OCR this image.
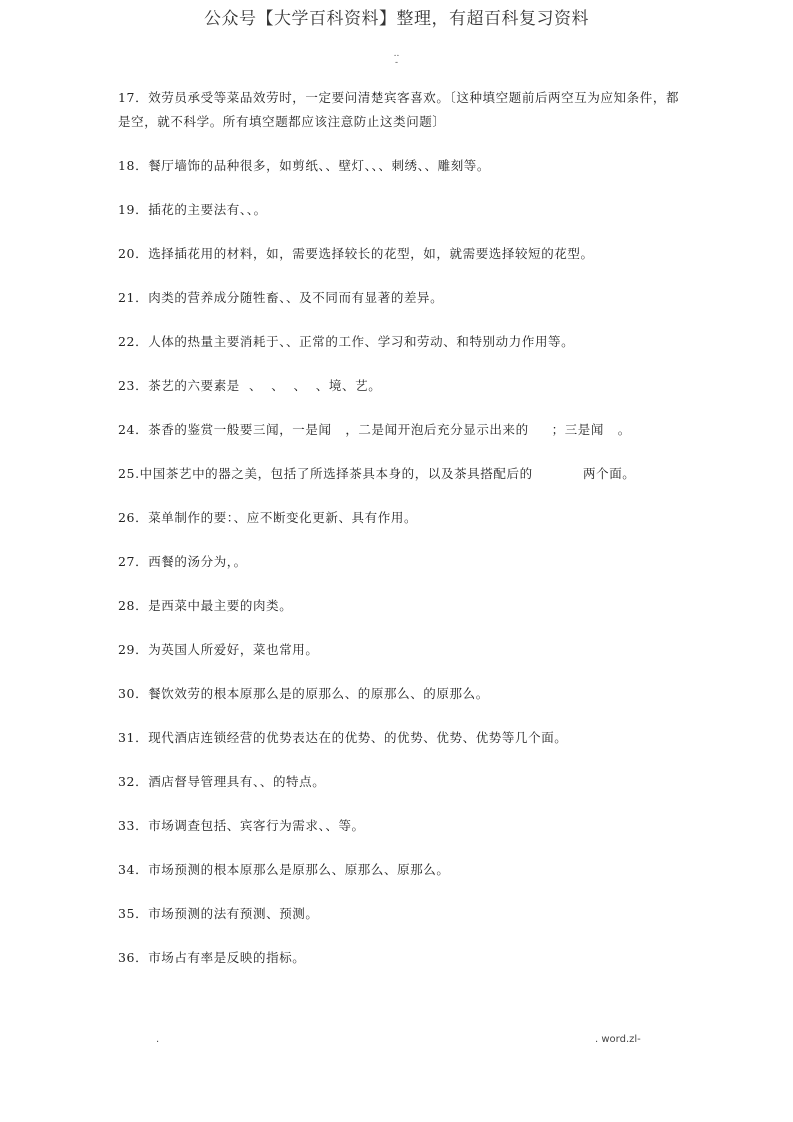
公众号【大学百科资料】整理，有超百科复习资料
..
-
17．效劳员承受等菜品效劳时，一定要问清楚宾客喜欢。〔这种填空题前后两空互为应知条件，都是空，就不科学。所有填空题都应该注意防止这类问题〕
18．餐厅墙饰的品种很多，如剪纸、、壁灯、、、刺绣、、雕刻等。
19．插花的主要法有、、。
20．选择插花用的材料，如，需要选择较长的花型，如，就需要选择较短的花型。
21．肉类的营养成分随牲畜、、及不同而有显著的差异。
22．人体的热量主要消耗于、、正常的工作、学习和劳动、和特别动力作用等。
23．茶艺的六要素是  、  、  、  、境、艺。
24．茶香的鉴赏一般要三闻，一是闻   ，二是闻开泡后充分显示出来的     ；三是闻   。
25.中国茶艺中的器之美，包括了所选择茶具本身的，以及茶具搭配后的           两个面。
26．菜单制作的要：、应不断变化更新、具有作用。
27．西餐的汤分为，。
28．是西菜中最主要的肉类。
29．为英国人所爱好，菜也常用。
30．餐饮效劳的根本原那么是的原那么、的原那么、的原那么。
31．现代酒店连锁经营的优势表达在的优势、的优势、优势、优势等几个面。
32．酒店督导管理具有、、的特点。
33．市场调查包括、宾客行为需求、、等。
34．市场预测的根本原那么是原那么、原那么、原那么。
35．市场预测的法有预测、预测。
36．市场占有率是反映的指标。
.	. word.zl-
